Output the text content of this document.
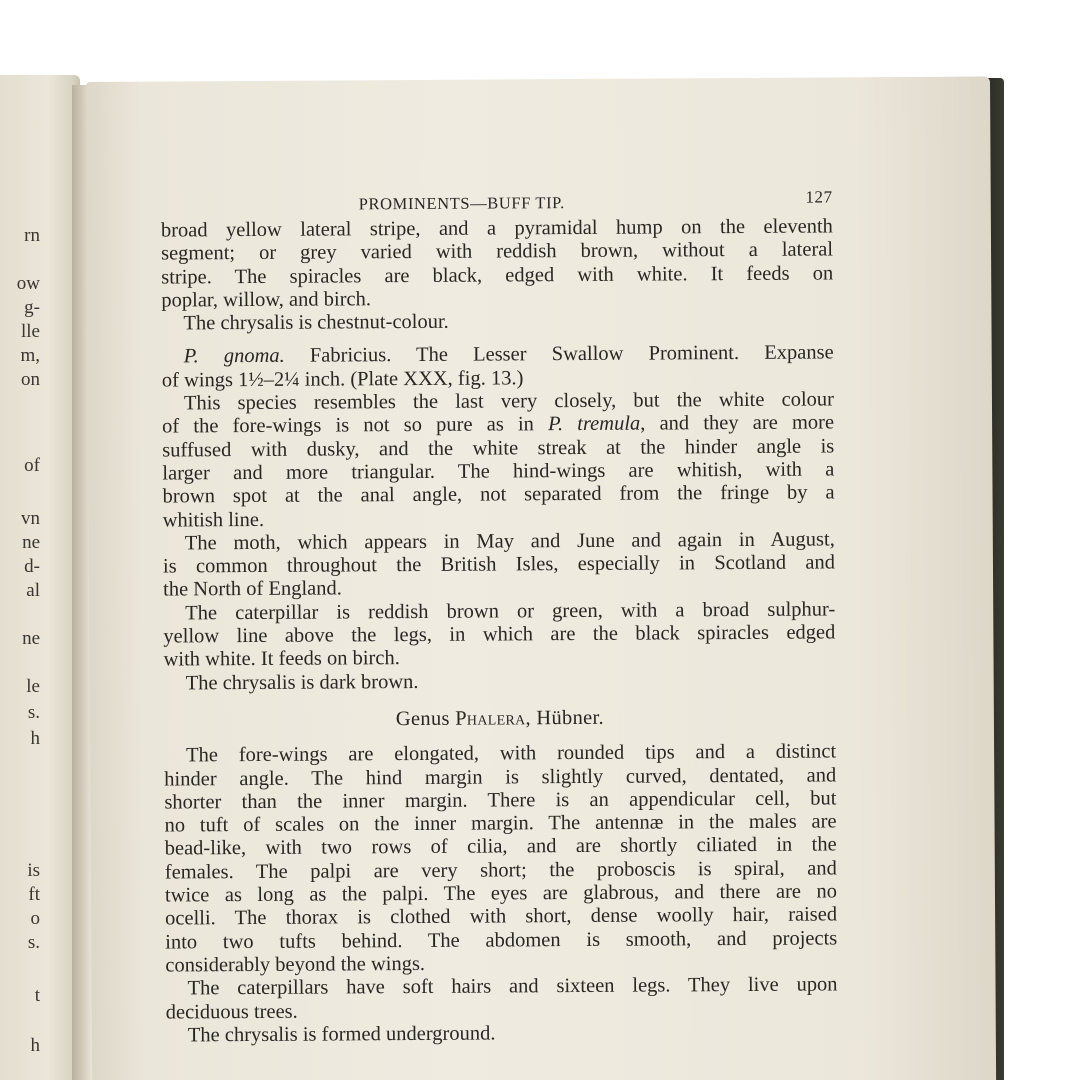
rn
ow
g-
lle
m,
on
of
vn
ne
d-
al
ne
le
s.
h
is
ft
o
s.
t
h
PROMINENTS—BUFF TIP.	127
broad yellow lateral stripe, and a pyramidal hump on the eleventh
segment; or grey varied with reddish brown, without a lateral
stripe. The spiracles are black, edged with white. It feeds on
poplar, willow, and birch.
The chrysalis is chestnut-colour.
P. gnoma. Fabricius. The Lesser Swallow Prominent. Expanse
of wings 1½–2¼ inch. (Plate XXX, fig. 13.)
This species resembles the last very closely, but the white colour
of the fore-wings is not so pure as in P. tremula, and they are more
suffused with dusky, and the white streak at the hinder angle is
larger and more triangular. The hind-wings are whitish, with a
brown spot at the anal angle, not separated from the fringe by a
whitish line.
The moth, which appears in May and June and again in August,
is common throughout the British Isles, especially in Scotland and
the North of England.
The caterpillar is reddish brown or green, with a broad sulphur-
yellow line above the legs, in which are the black spiracles edged
with white. It feeds on birch.
The chrysalis is dark brown.
Genus Phalera, Hübner.
The fore-wings are elongated, with rounded tips and a distinct
hinder angle. The hind margin is slightly curved, dentated, and
shorter than the inner margin. There is an appendicular cell, but
no tuft of scales on the inner margin. The antennæ in the males are
bead-like, with two rows of cilia, and are shortly ciliated in the
females. The palpi are very short; the proboscis is spiral, and
twice as long as the palpi. The eyes are glabrous, and there are no
ocelli. The thorax is clothed with short, dense woolly hair, raised
into two tufts behind. The abdomen is smooth, and projects
considerably beyond the wings.
The caterpillars have soft hairs and sixteen legs. They live upon
deciduous trees.
The chrysalis is formed underground.
